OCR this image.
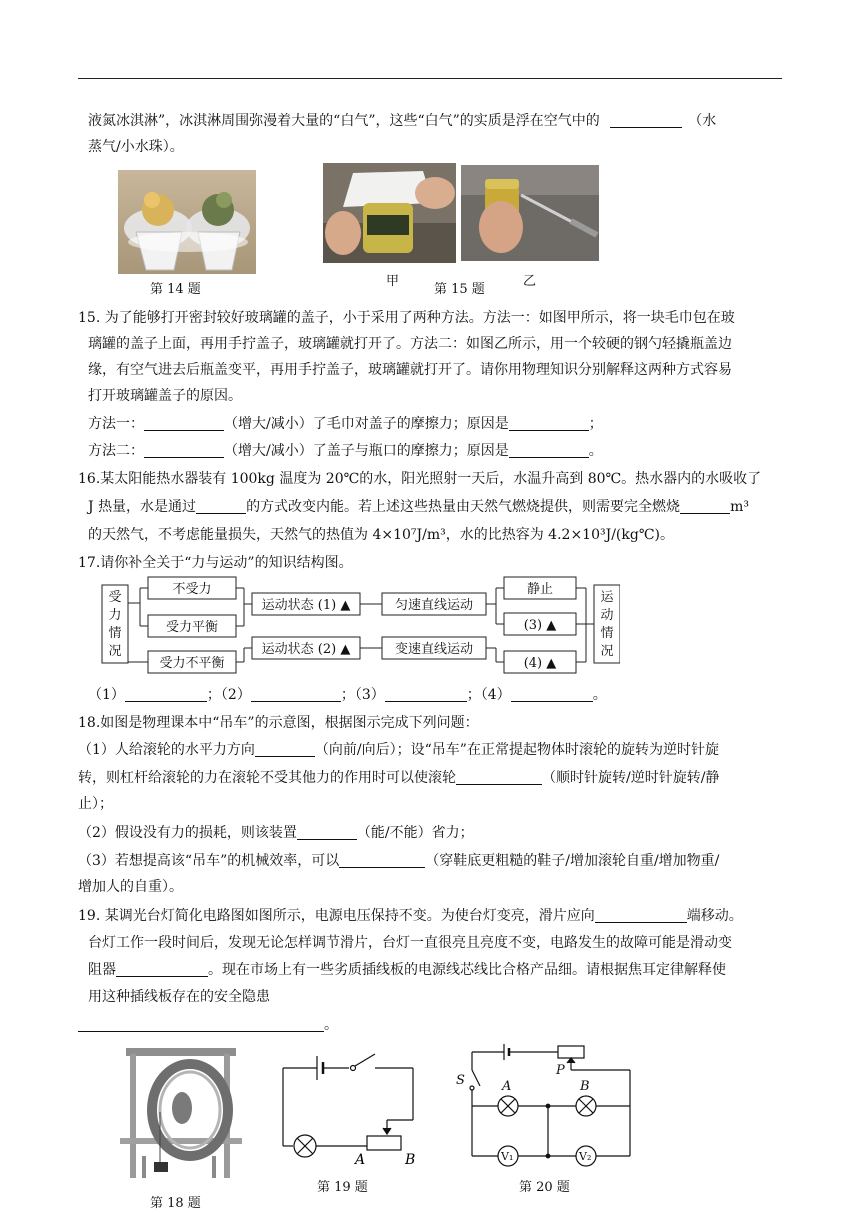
液氮冰淇淋”，冰淇淋周围弥漫着大量的“白气”，这些“白气”的实质是浮在空气中的	（水
蒸气/小水珠）。
第 14 题
甲
第 15 题
乙
15. 为了能够打开密封较好玻璃罐的盖子，小于采用了两种方法。方法一：如图甲所示，将一块毛巾包在玻
璃罐的盖子上面，再用手拧盖子，玻璃罐就打开了。方法二：如图乙所示，用一个较硬的钢勺轻撬瓶盖边
缘，有空气进去后瓶盖变平，再用手拧盖子，玻璃罐就打开了。请你用物理知识分别解释这两种方式容易
打开玻璃罐盖子的原因。
方法一：	（增大/减小）了毛巾对盖子的摩擦力；原因是	；
方法二：	（增大/减小）了盖子与瓶口的摩擦力；原因是	。
16.某太阳能热水器装有 100kg 温度为 20℃的水，阳光照射一天后，水温升高到 80℃。热水器内的水吸收了
J 热量，水是通过	的方式改变内能。若上述这些热量由天然气燃烧提供，则需要完全燃烧	m³
的天然气，不考虑能量损失，天然气的热值为 4×10⁷J/m³，水的比热容为 4.2×10³J/(kg℃)。
17.请你补全关于“力与运动”的知识结构图。
受
力
情
况
运
动
情
况
不受力
受力平衡
受力不平衡
运动状态 (1) ▲
运动状态 (2) ▲
匀速直线运动
变速直线运动
静止
(3) ▲
(4) ▲
（1）	；（2）	；（3）	；（4）	。
18.如图是物理课本中“吊车”的示意图，根据图示完成下列问题：
（1）人给滚轮的水平力方向	（向前/向后）；设“吊车”在正常提起物体时滚轮的旋转为逆时针旋
转，则杠杆给滚轮的力在滚轮不受其他力的作用时可以使滚轮	（顺时针旋转/逆时针旋转/静
止）；
（2）假设没有力的损耗，则该装置	（能/不能）省力；
（3）若想提高该“吊车”的机械效率，可以	（穿鞋底更粗糙的鞋子/增加滚轮自重/增加物重/
增加人的自重）。
19. 某调光台灯简化电路图如图所示，电源电压保持不变。为使台灯变亮，滑片应向	端移动。
台灯工作一段时间后，发现无论怎样调节滑片，台灯一直很亮且亮度不变，电路发生的故障可能是滑动变
阻器	。现在市场上有一些劣质插线板的电源线芯线比合格产品细。请根据焦耳定律解释使
用这种插线板存在的安全隐患
。
第 18 题
A	B
第 19 题
S
P
A	B
V₁	V₂
第 20 题
